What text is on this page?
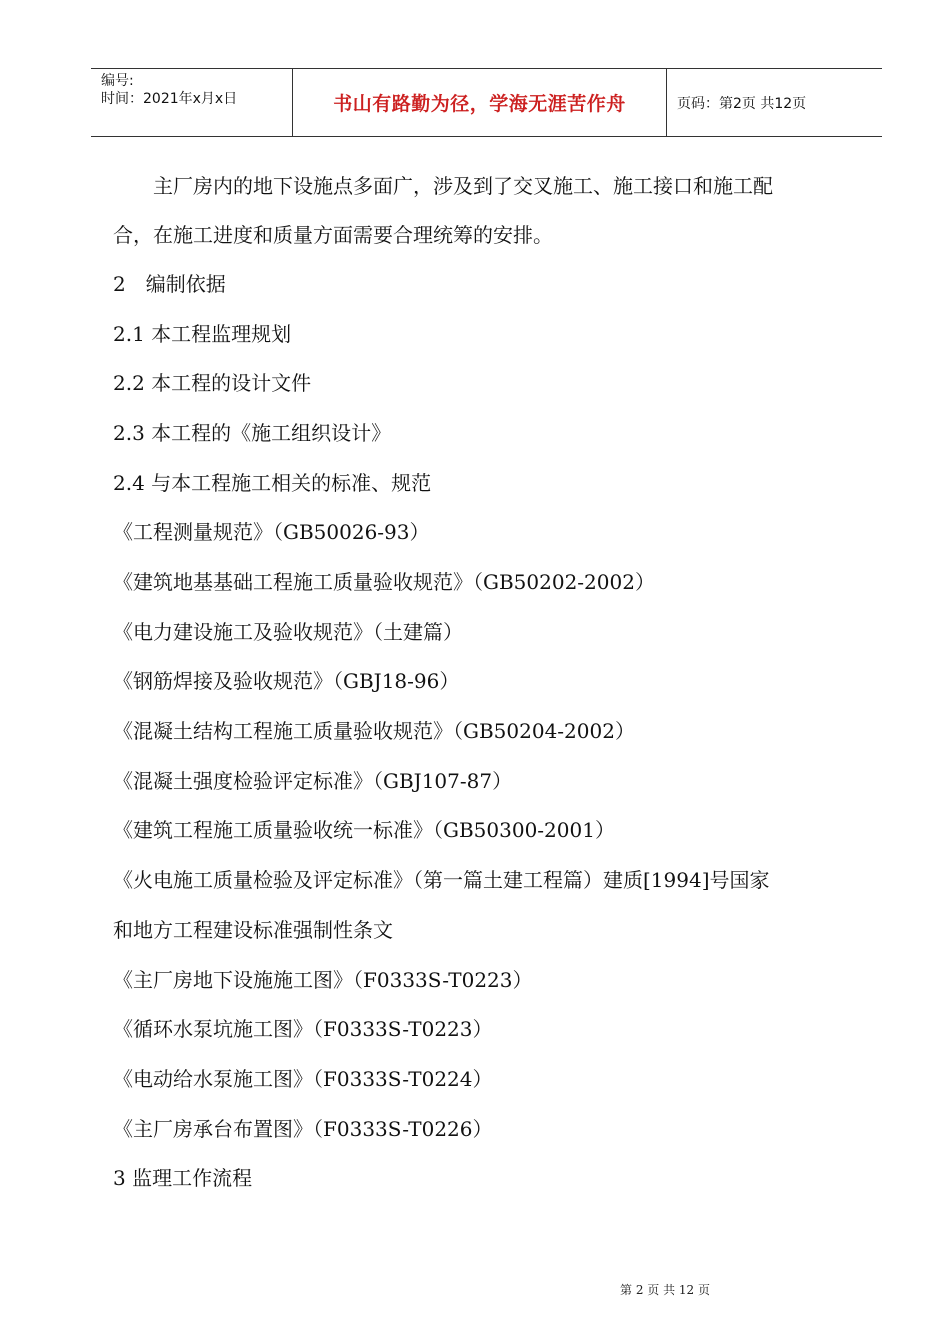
编号:
时间：2021年x月x日	书山有路勤为径，学海无涯苦作舟	页码：第2页 共12页
主厂房内的地下设施点多面广，涉及到了交叉施工、施工接口和施工配
合，在施工进度和质量方面需要合理统筹的安排。
2　编制依据
2.1 本工程监理规划
2.2 本工程的设计文件
2.3 本工程的《施工组织设计》
2.4 与本工程施工相关的标准、规范
《工程测量规范》（GB50026-93）
《建筑地基基础工程施工质量验收规范》（GB50202-2002）
《电力建设施工及验收规范》（土建篇）
《钢筋焊接及验收规范》（GBJ18-96）
《混凝土结构工程施工质量验收规范》（GB50204-2002）
《混凝土强度检验评定标准》（GBJ107-87）
《建筑工程施工质量验收统一标准》（GB50300-2001）
《火电施工质量检验及评定标准》（第一篇土建工程篇）建质[1994]号国家
和地方工程建设标准强制性条文
《主厂房地下设施施工图》（F0333S-T0223）
《循环水泵坑施工图》（F0333S-T0223）
《电动给水泵施工图》（F0333S-T0224）
《主厂房承台布置图》（F0333S-T0226）
3 监理工作流程
第 2 页 共 12 页
